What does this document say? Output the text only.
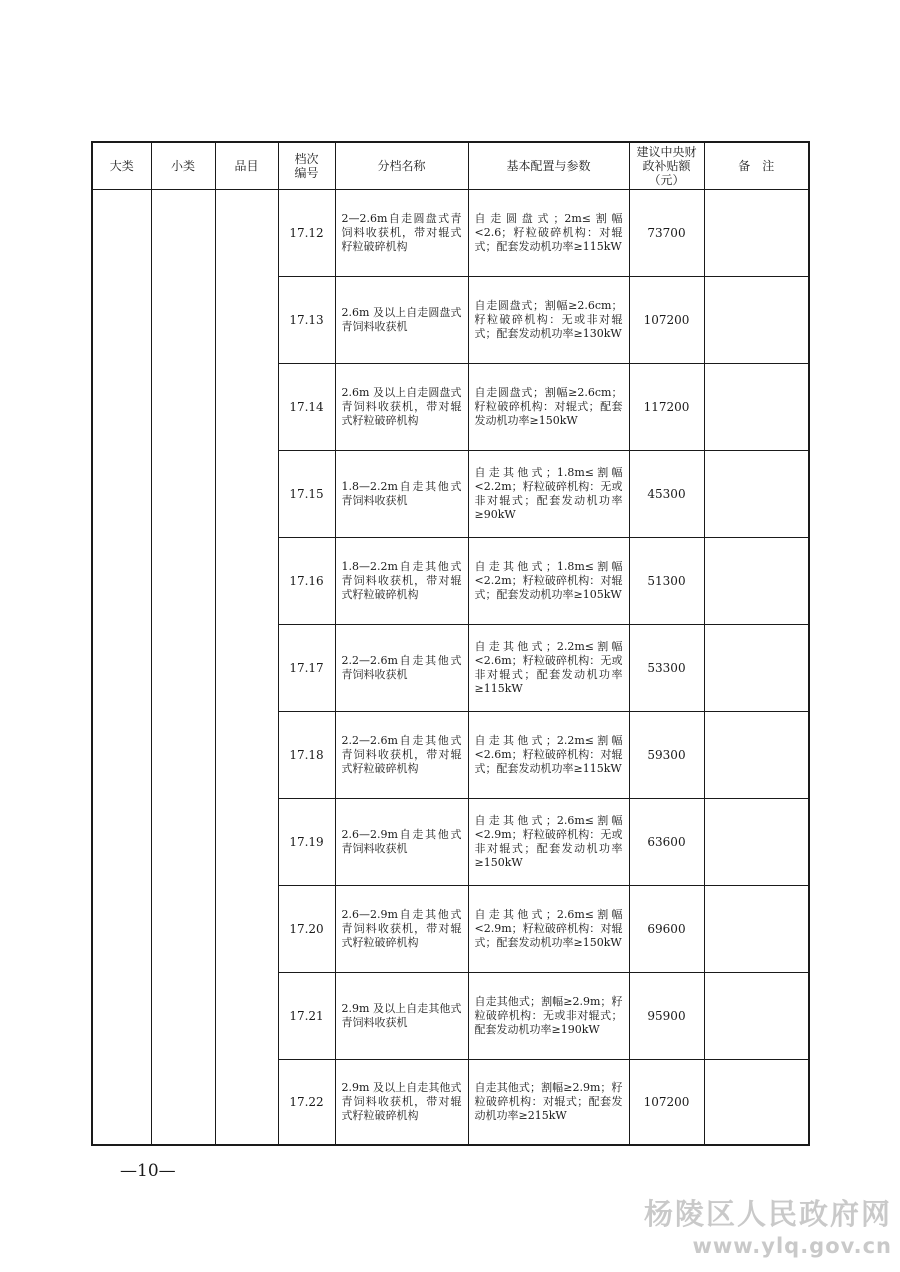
大类	小类	品目	档次编号	分档名称	基本配置与参数	建议中央财政补贴额（元）	备　注
			17.12	2—2.6m自走圆盘式青饲料收获机，带对辊式籽粒破碎机构	自走圆盘式；2m≤割幅<2.6；籽粒破碎机构：对辊式；配套发动机功率≥115kW	73700	
			17.13	2.6m 及以上自走圆盘式青饲料收获机	自走圆盘式；割幅≥2.6cm；籽粒破碎机构：无或非对辊式；配套发动机功率≥130kW	107200	
			17.14	2.6m 及以上自走圆盘式青饲料收获机，带对辊式籽粒破碎机构	自走圆盘式；割幅≥2.6cm；籽粒破碎机构：对辊式；配套发动机功率≥150kW	117200	
			17.15	1.8—2.2m自走其他式青饲料收获机	自走其他式；1.8m≤割幅<2.2m；籽粒破碎机构：无或非对辊式；配套发动机功率≥90kW	45300	
			17.16	1.8—2.2m自走其他式青饲料收获机，带对辊式籽粒破碎机构	自走其他式；1.8m≤割幅<2.2m；籽粒破碎机构：对辊式；配套发动机功率≥105kW	51300	
			17.17	2.2—2.6m自走其他式青饲料收获机	自走其他式；2.2m≤割幅<2.6m；籽粒破碎机构：无或非对辊式；配套发动机功率≥115kW	53300	
			17.18	2.2—2.6m自走其他式青饲料收获机，带对辊式籽粒破碎机构	自走其他式；2.2m≤割幅<2.6m；籽粒破碎机构：对辊式；配套发动机功率≥115kW	59300	
			17.19	2.6—2.9m自走其他式青饲料收获机	自走其他式；2.6m≤割幅<2.9m；籽粒破碎机构：无或非对辊式；配套发动机功率≥150kW	63600	
			17.20	2.6—2.9m自走其他式青饲料收获机，带对辊式籽粒破碎机构	自走其他式；2.6m≤割幅<2.9m；籽粒破碎机构：对辊式；配套发动机功率≥150kW	69600	
			17.21	2.9m 及以上自走其他式青饲料收获机	自走其他式；割幅≥2.9m；籽粒破碎机构：无或非对辊式；配套发动机功率≥190kW	95900	
			17.22	2.9m 及以上自走其他式青饲料收获机，带对辊式籽粒破碎机构	自走其他式；割幅≥2.9m；籽粒破碎机构：对辊式；配套发动机功率≥215kW	107200	
—10—
杨陵区人民政府网
www.ylq.gov.cn
